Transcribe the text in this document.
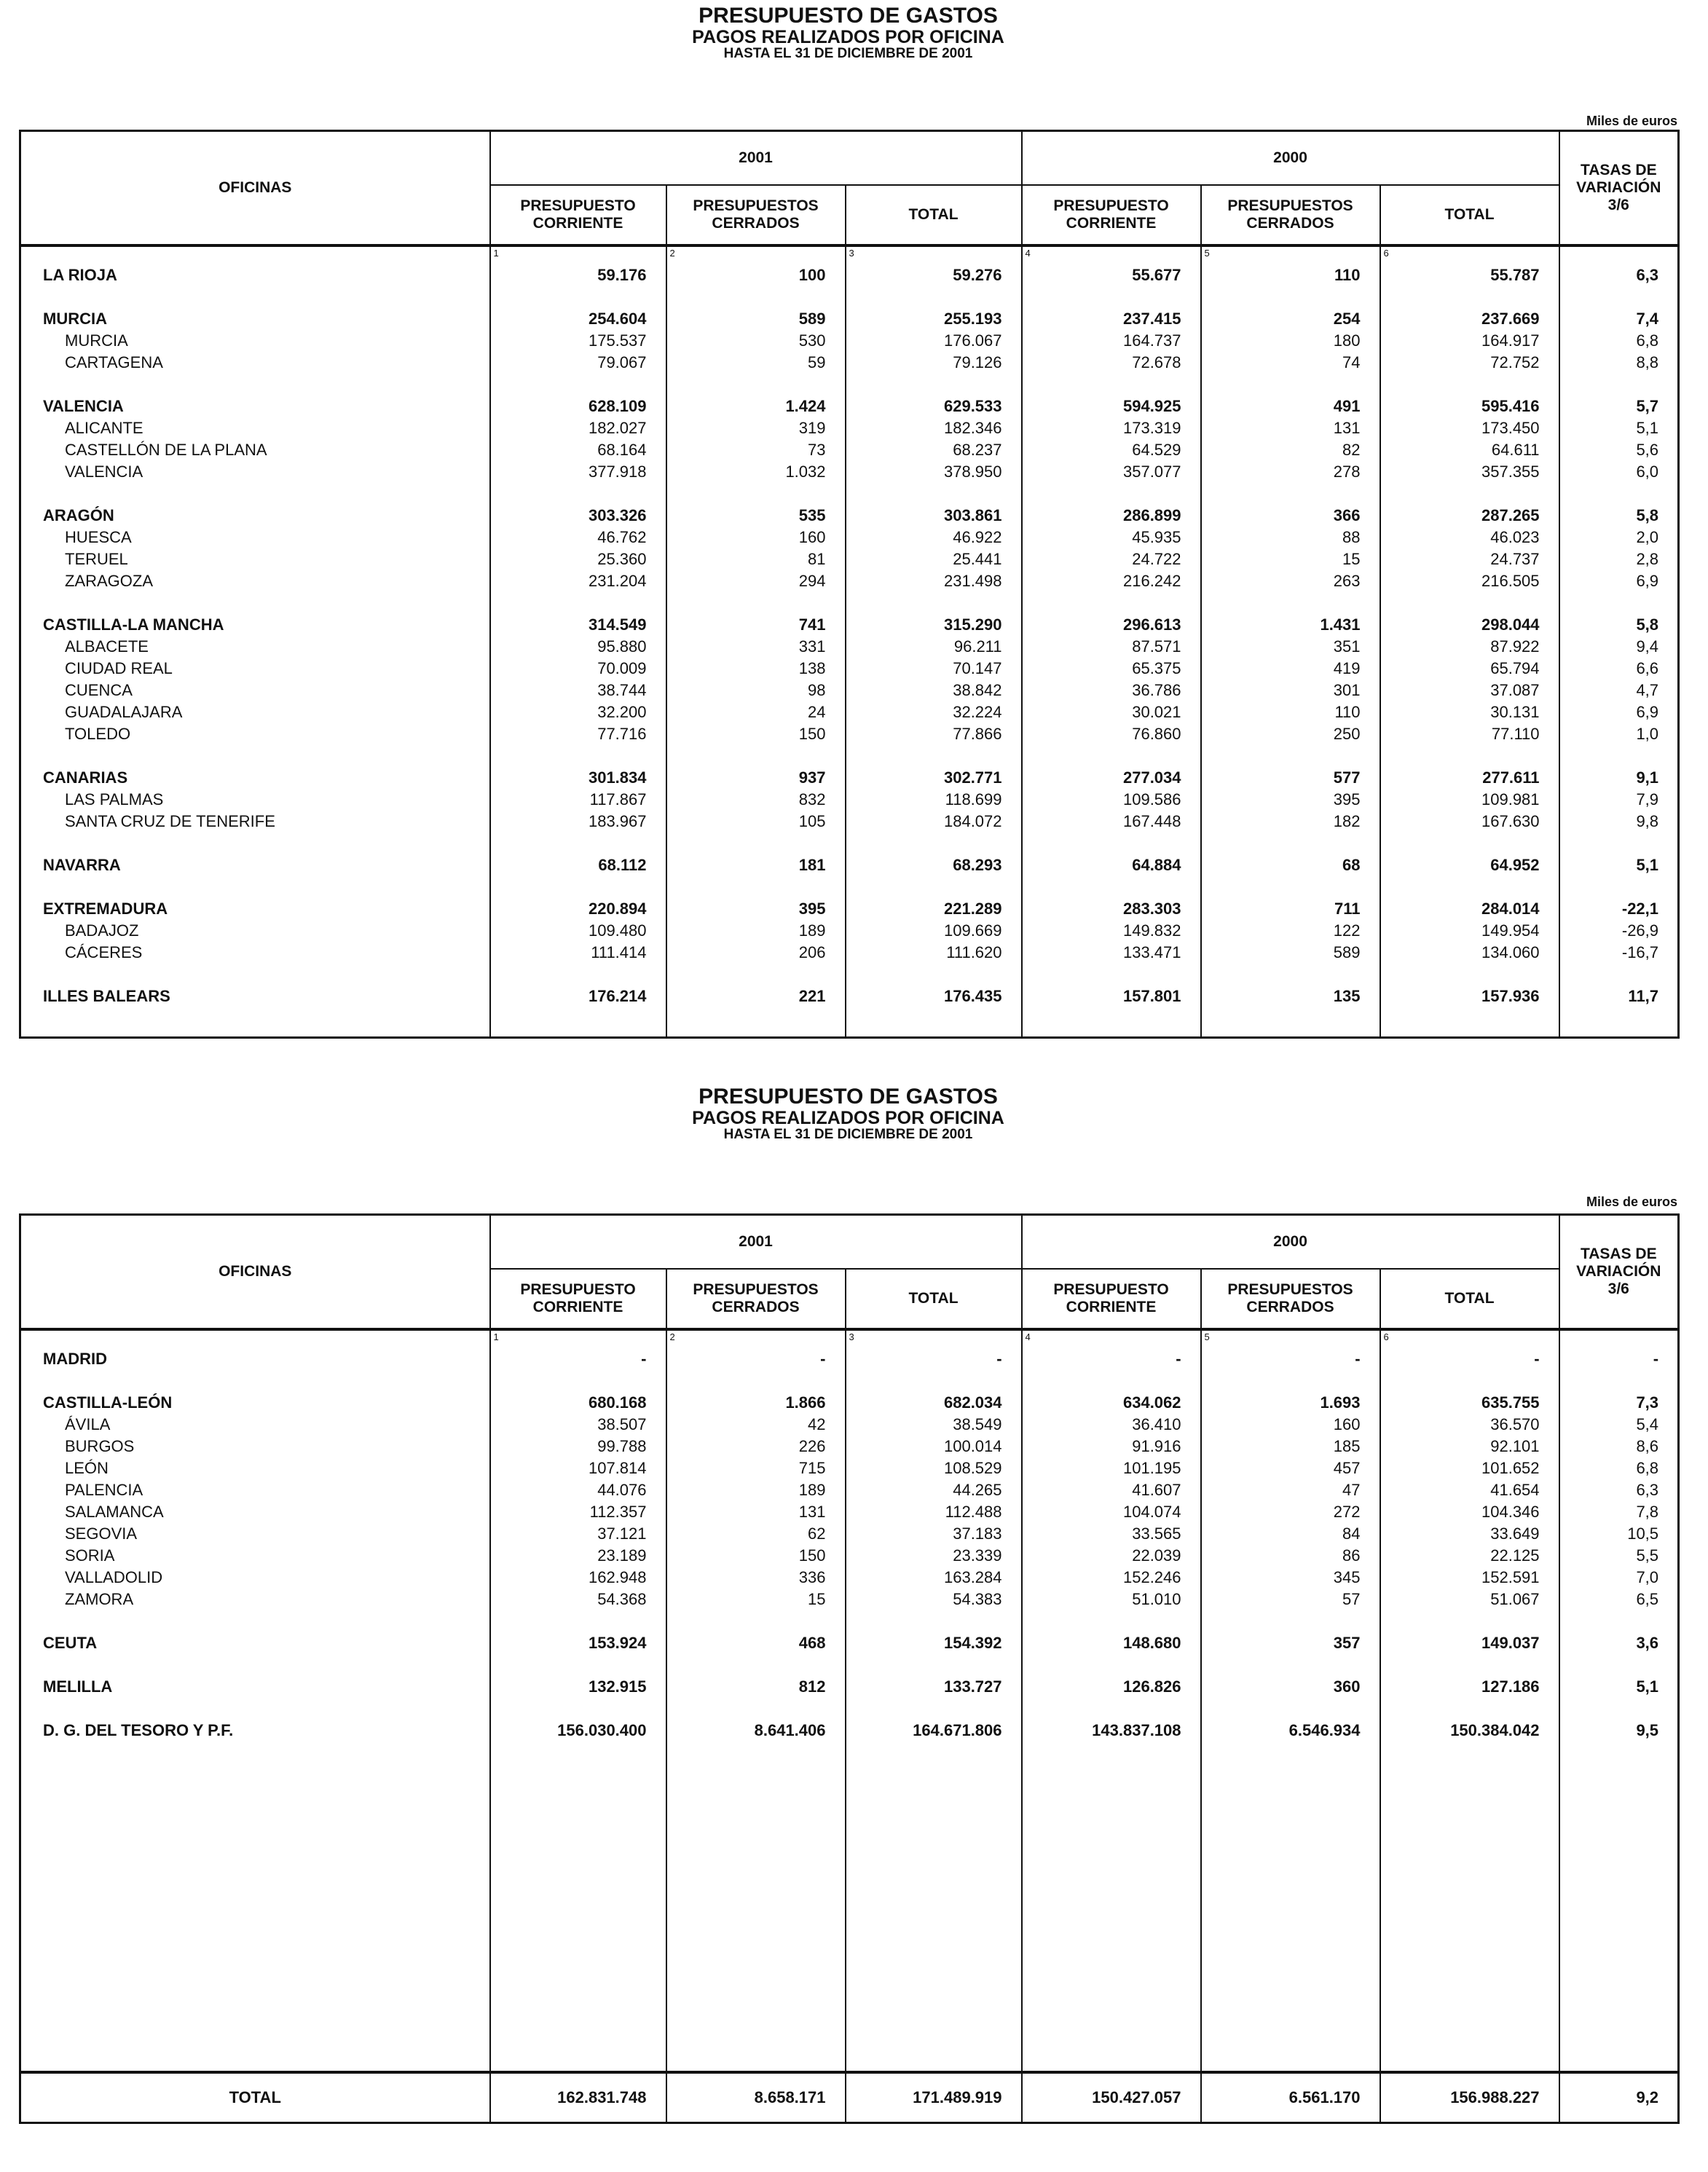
PRESUPUESTO DE GASTOS
PAGOS REALIZADOS POR OFICINA
HASTA EL 31 DE DICIEMBRE DE 2001
Miles de euros
OFICINAS	2001			2000			TASAS DE VARIACIÓN 3/6
	PRESUPUESTO CORRIENTE	PRESUPUESTOS CERRADOS	TOTAL	PRESUPUESTO CORRIENTE	PRESUPUESTOS CERRADOS	TOTAL	
	1	2	3	4	5	6	
LA RIOJA	59.176	100	59.276	55.677	110	55.787	6,3

MURCIA	254.604	589	255.193	237.415	254	237.669	7,4
MURCIA	175.537	530	176.067	164.737	180	164.917	6,8
CARTAGENA	79.067	59	79.126	72.678	74	72.752	8,8

VALENCIA	628.109	1.424	629.533	594.925	491	595.416	5,7
ALICANTE	182.027	319	182.346	173.319	131	173.450	5,1
CASTELLÓN DE LA PLANA	68.164	73	68.237	64.529	82	64.611	5,6
VALENCIA	377.918	1.032	378.950	357.077	278	357.355	6,0

ARAGÓN	303.326	535	303.861	286.899	366	287.265	5,8
HUESCA	46.762	160	46.922	45.935	88	46.023	2,0
TERUEL	25.360	81	25.441	24.722	15	24.737	2,8
ZARAGOZA	231.204	294	231.498	216.242	263	216.505	6,9

CASTILLA-LA MANCHA	314.549	741	315.290	296.613	1.431	298.044	5,8
ALBACETE	95.880	331	96.211	87.571	351	87.922	9,4
CIUDAD REAL	70.009	138	70.147	65.375	419	65.794	6,6
CUENCA	38.744	98	38.842	36.786	301	37.087	4,7
GUADALAJARA	32.200	24	32.224	30.021	110	30.131	6,9
TOLEDO	77.716	150	77.866	76.860	250	77.110	1,0

CANARIAS	301.834	937	302.771	277.034	577	277.611	9,1
LAS PALMAS	117.867	832	118.699	109.586	395	109.981	7,9
SANTA CRUZ DE TENERIFE	183.967	105	184.072	167.448	182	167.630	9,8

NAVARRA	68.112	181	68.293	64.884	68	64.952	5,1

EXTREMADURA	220.894	395	221.289	283.303	711	284.014	-22,1
BADAJOZ	109.480	189	109.669	149.832	122	149.954	-26,9
CÁCERES	111.414	206	111.620	133.471	589	134.060	-16,7

ILLES BALEARS	176.214	221	176.435	157.801	135	157.936	11,7

PRESUPUESTO DE GASTOS
PAGOS REALIZADOS POR OFICINA
HASTA EL 31 DE DICIEMBRE DE 2001
Miles de euros
OFICINAS	2001			2000			TASAS DE VARIACIÓN 3/6
	PRESUPUESTO CORRIENTE	PRESUPUESTOS CERRADOS	TOTAL	PRESUPUESTO CORRIENTE	PRESUPUESTOS CERRADOS	TOTAL	
	1	2	3	4	5	6	
MADRID	-	-	-	-	-	-	-

CASTILLA-LEÓN	680.168	1.866	682.034	634.062	1.693	635.755	7,3
ÁVILA	38.507	42	38.549	36.410	160	36.570	5,4
BURGOS	99.788	226	100.014	91.916	185	92.101	8,6
LEÓN	107.814	715	108.529	101.195	457	101.652	6,8
PALENCIA	44.076	189	44.265	41.607	47	41.654	6,3
SALAMANCA	112.357	131	112.488	104.074	272	104.346	7,8
SEGOVIA	37.121	62	37.183	33.565	84	33.649	10,5
SORIA	23.189	150	23.339	22.039	86	22.125	5,5
VALLADOLID	162.948	336	163.284	152.246	345	152.591	7,0
ZAMORA	54.368	15	54.383	51.010	57	51.067	6,5

CEUTA	153.924	468	154.392	148.680	357	149.037	3,6

MELILLA	132.915	812	133.727	126.826	360	127.186	5,1

D. G. DEL TESORO Y P.F.	156.030.400	8.641.406	164.671.806	143.837.108	6.546.934	150.384.042	9,5

TOTAL	162.831.748	8.658.171	171.489.919	150.427.057	6.561.170	156.988.227	9,2
